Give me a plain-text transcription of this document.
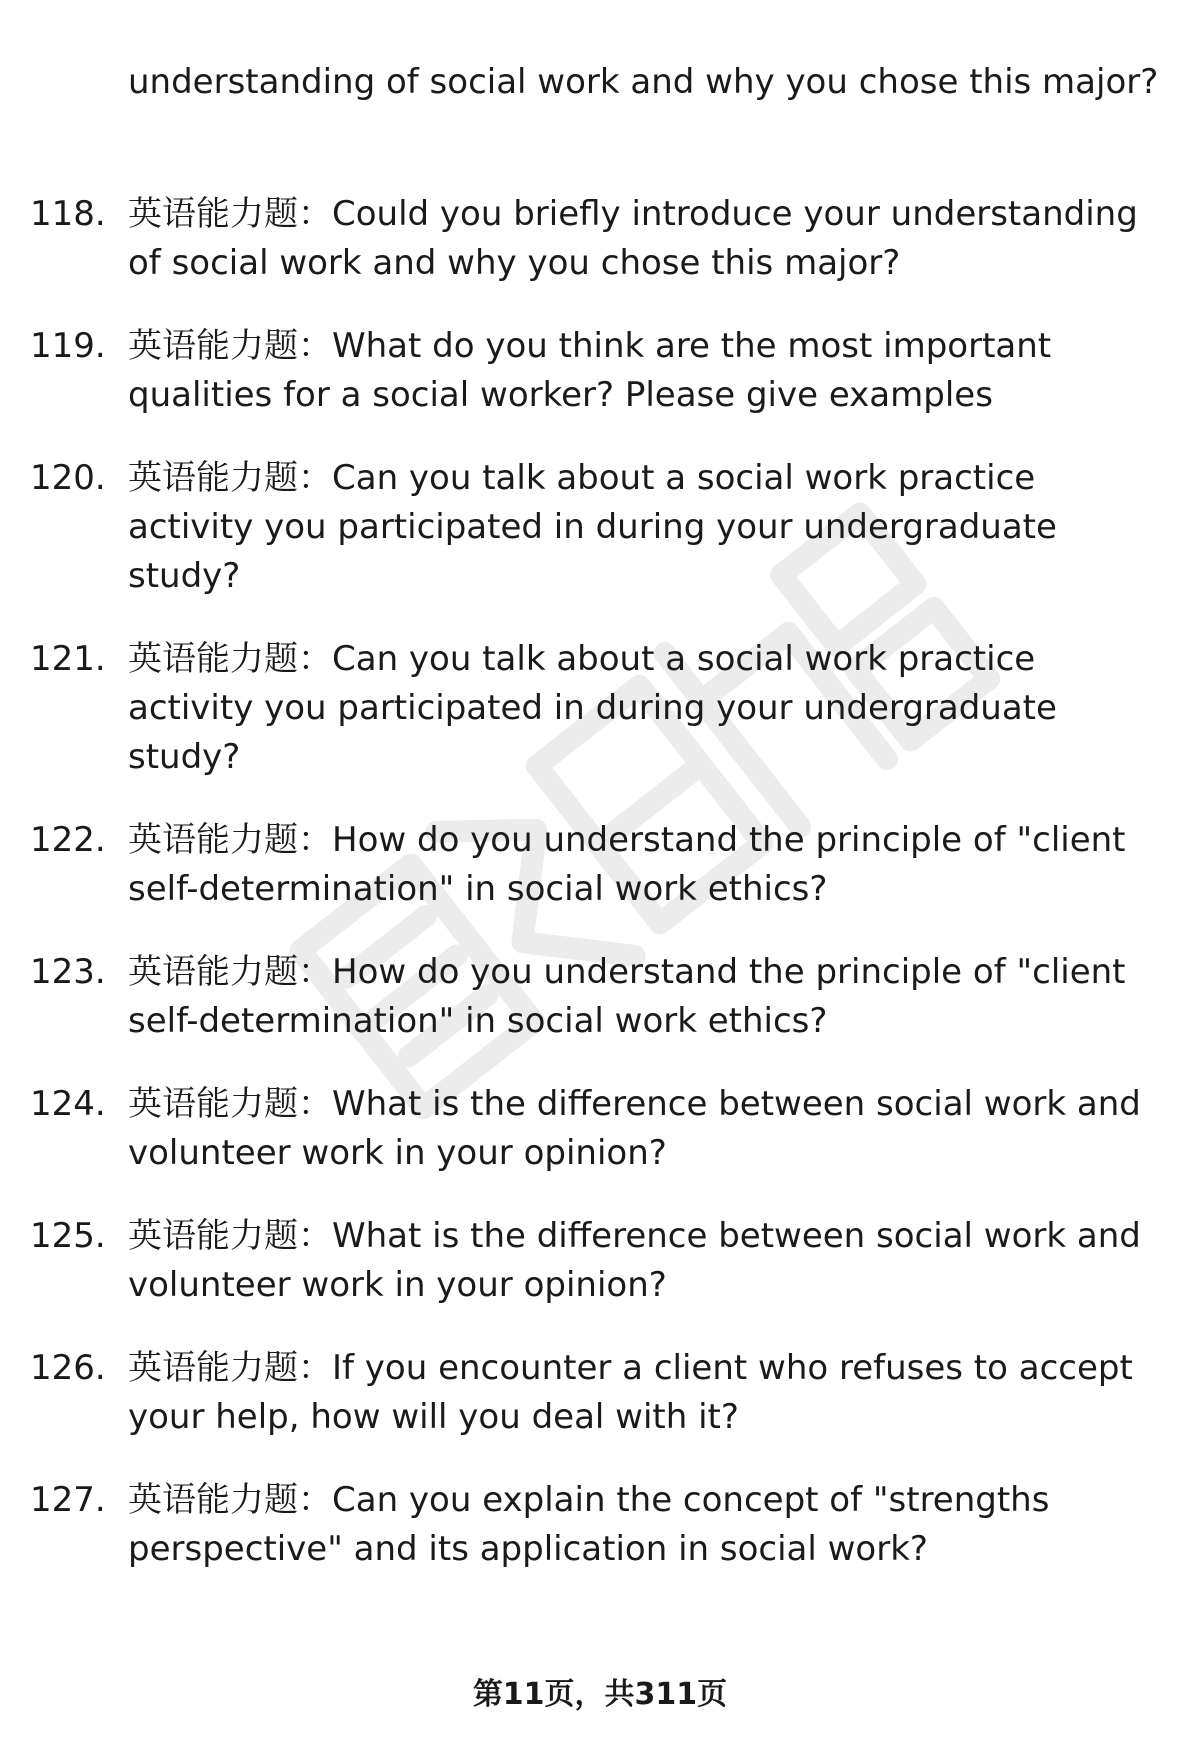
understanding of social work and why you chose this major?
118. 英语能力题：Could you briefly introduce your understanding of social work and why you chose this major?
119. 英语能力题：What do you think are the most important qualities for a social worker? Please give examples
120. 英语能力题：Can you talk about a social work practice activity you participated in during your undergraduate study?
121. 英语能力题：Can you talk about a social work practice activity you participated in during your undergraduate study?
122. 英语能力题：How do you understand the principle of "client self-determination" in social work ethics?
123. 英语能力题：How do you understand the principle of "client self-determination" in social work ethics?
124. 英语能力题：What is the difference between social work and volunteer work in your opinion?
125. 英语能力题：What is the difference between social work and volunteer work in your opinion?
126. 英语能力题：If you encounter a client who refuses to accept your help, how will you deal with it?
127. 英语能力题：Can you explain the concept of "strengths perspective" and its application in social work?
第11页，共311页
